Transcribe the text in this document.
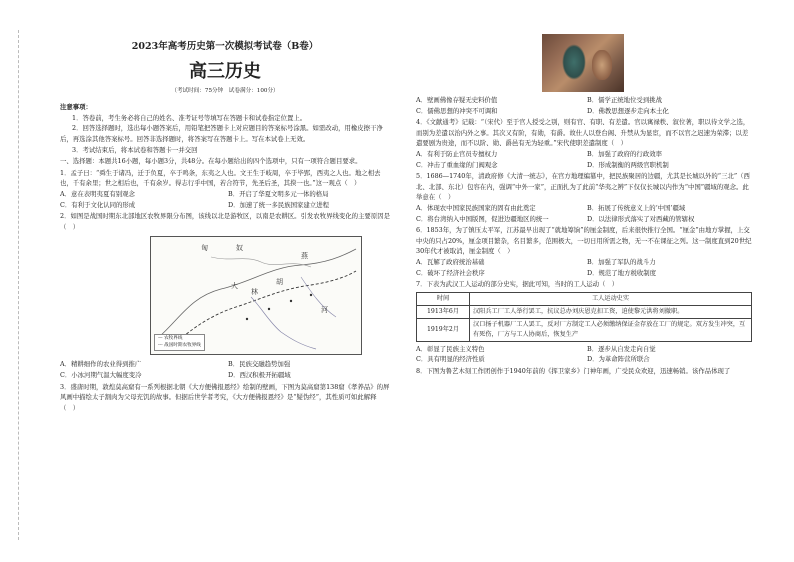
2023年高考历史第一次模拟考试卷（B卷）
高三历史
（考试时间：75分钟　试卷满分：100分）
注意事项：

1．答卷前，考生务必将自己的姓名、准考证号等填写在答题卡和试卷指定位置上。

2．回答选择题时，选出每小题答案后，用铅笔把答题卡上对应题目的答案标号涂黑。如需改动，用橡皮擦干净后，再选涂其他答案标号。回答非选择题时，将答案写在答题卡上。写在本试卷上无效。

3．考试结束后，将本试卷和答题卡一并交回

一、选择题：本题共16小题，每小题3分，共48分。在每小题给出的四个选项中，只有一项符合题目要求。

1．孟子曰：“舜生于诸冯，迁于负夏，卒于鸣条，东夷之人也。文王生于岐周，卒于毕郢，西夷之人也。地之相去也，千有余里；世之相后也，千有余岁。得志行乎中国，若合符节，先圣后圣，其揆一也。”这一观点（　）

A．意在表明夷夏有别观念	B．开启了华夏文明多元一体的格局
C．有利于文化认同的形成	D．加速了统一多民族国家建立进程

2．如图是战国时期东北部地区农牧界限分布图，该线以北是游牧区，以南是农耕区。引发农牧界线变化的主要原因是（　）

匈	奴
燕
大
林
胡
河
— 农牧界线
--- 战国时期农牧界线
A．精耕细作的农业得到推广	B．民族交融趋势加强
C．小冰河期气温大幅度变冷	D．西汉积极开拓疆域

3．盛唐时期，敦煌莫高窟有一系列根据北朝《大方便佛报恩经》绘制的壁画，下图为莫高窟第138窟《孝养品》的屏风画中描绘太子割肉为父母充饥的故事。但据后世学者考究，《大方便佛报恩经》是“疑伪经”，其性质可如此解释（　）

A．壁画佛像存疑无史料价值	B．儒学正统地位受到挑战
C．儒佛思想的冲突不可调和	D．佛教思想逐步走向本土化

4．《文献通考》记载：“（宋代）至于官人授受之别，则有官、有职、有差遣。官以寓禄秩、叙位著，职以待文学之选，而别为差遣以治内外之事。其次又有阶，有勋，有爵。故仕人以登台阁、升禁从为显宦，而不以官之迟速为荣滞；以差遣要剧为贵途，而不以阶、勋、爵邑有无为轻重。”宋代使职差遣制度（　）

A．有利于防止官员专擅权力	B．加强了政府的行政效率
C．冲击了重血缘的门阀观念	D．形成制衡的两级官职机制

5．1686—1740年，清政府修《大清一统志》，在官方地理编纂中，把民族聚居的边疆，尤其是长城以外的“三北”（西北、北部、东北）包容在内，强调“中外一家”，正面扎为了此前“华夷之辨”下仅仅长城以内作为“中国”疆域的观念。此举意在（　）

A．体现农中国家民族国家的固有由此奠定	B．拓展了传统意义上的‘中国’疆域
C．将台湾纳入中国版图，促进边疆地区的统一	D．以法律形式落实了对西藏的管辖权

6．1853年，为了镇压太平军，江苏最早出现了“就地筹饷”的厘金制度，后来很快推行全国。“厘金”由地方掌握，上交中央的只占20%，厘金项目繁杂，名目繁多，范围极大，一切日用所需之物，无一不在课征之列。这一制度直到20世纪30年代才被取消，厘金制度（　）

A．瓦解了政府统治基础	B．加强了军队的战斗力
C．破坏了经济社会秩序	D．规范了地方税收制度

7．下表为武汉工人运动的部分史实，据此可知，当时的工人运动（　）

时间	工人运动史实
1913年6月	汉阳兵工厂工人举行罢工，抗议总办刘庆恩克扣工资，迫使黎元洪将刘撤职。
1919年2月	汉口扬子机器厂工人罢工，反对厂方制定工人必须缴纳保证金存放在工厂的规定。双方发生冲突，互有死伤，厂方与工人协商后，恢复生产
A．彰显了民族主义特色	B．逐步从自发走向自觉
C．具有明显的经济性质	D．为革命阵营所联合

8．下图为鲁艺木刻工作团创作于1940年前的《挥卫家乡》门神年画，广受民众欢迎，迅速畅销。该作品体现了
